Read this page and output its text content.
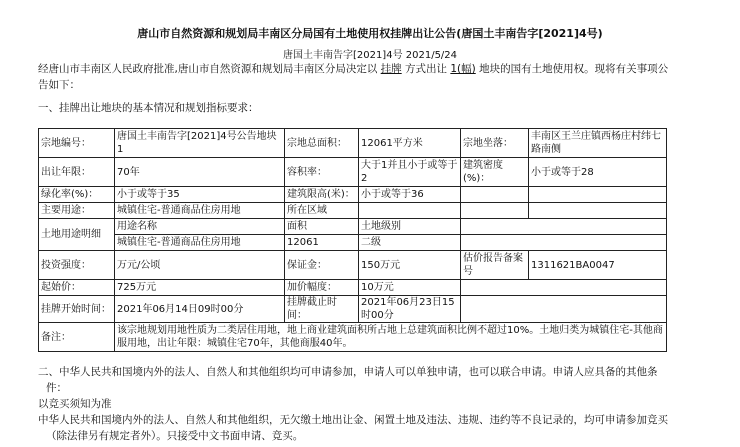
唐山市自然资源和规划局丰南区分局国有土地使用权挂牌出让公告(唐国土丰南告字[2021]4号)
唐国土丰南告字[2021]4号 2021/5/24
经唐山市丰南区人民政府批准,唐山市自然资源和规划局丰南区分局决定以 挂牌 方式出让 1(幅) 地块的国有土地使用权。现将有关事项公
告如下：
一、挂牌出让地块的基本情况和规划指标要求：
宗地编号：	唐国土丰南告字[2021]4号公告地块1	宗地总面积：	12061平方米	宗地坐落：	丰南区王兰庄镇西杨庄村纬七路南侧
出让年限：	70年	容积率：	大于1并且小于或等于2	建筑密度(%)：	小于或等于28
绿化率(%)：	小于或等于35	建筑限高(米)：	小于或等于36		
主要用途：	城镇住宅-普通商品住房用地	所在区域			
土地用途明细	用途名称	面积	土地级别		
	城镇住宅-普通商品住房用地	12061	二级		
投资强度：	万元/公顷	保证金：	150万元	估价报告备案号	1311621BA0047
起始价：	725万元	加价幅度：	10万元		
挂牌开始时间：	2021年06月14日09时00分	挂牌截止时间：	2021年06月23日15时00分		
备注：	该宗地规划用地性质为二类居住用地，地上商业建筑面积所占地上总建筑面积比例不超过10%。土地归类为城镇住宅-其他商服用地，出让年限：城镇住宅70年，其他商服40年。				
二、中华人民共和国境内外的法人、自然人和其他组织均可申请参加，申请人可以单独申请，也可以联合申请。申请人应具备的其他条
件：
以竞买须知为准
中华人民共和国境内外的法人、自然人和其他组织，无欠缴土地出让金、闲置土地及违法、违规、违约等不良记录的，均可申请参加竞买
（除法律另有规定者外）。只接受中文书面申请、竞买。
